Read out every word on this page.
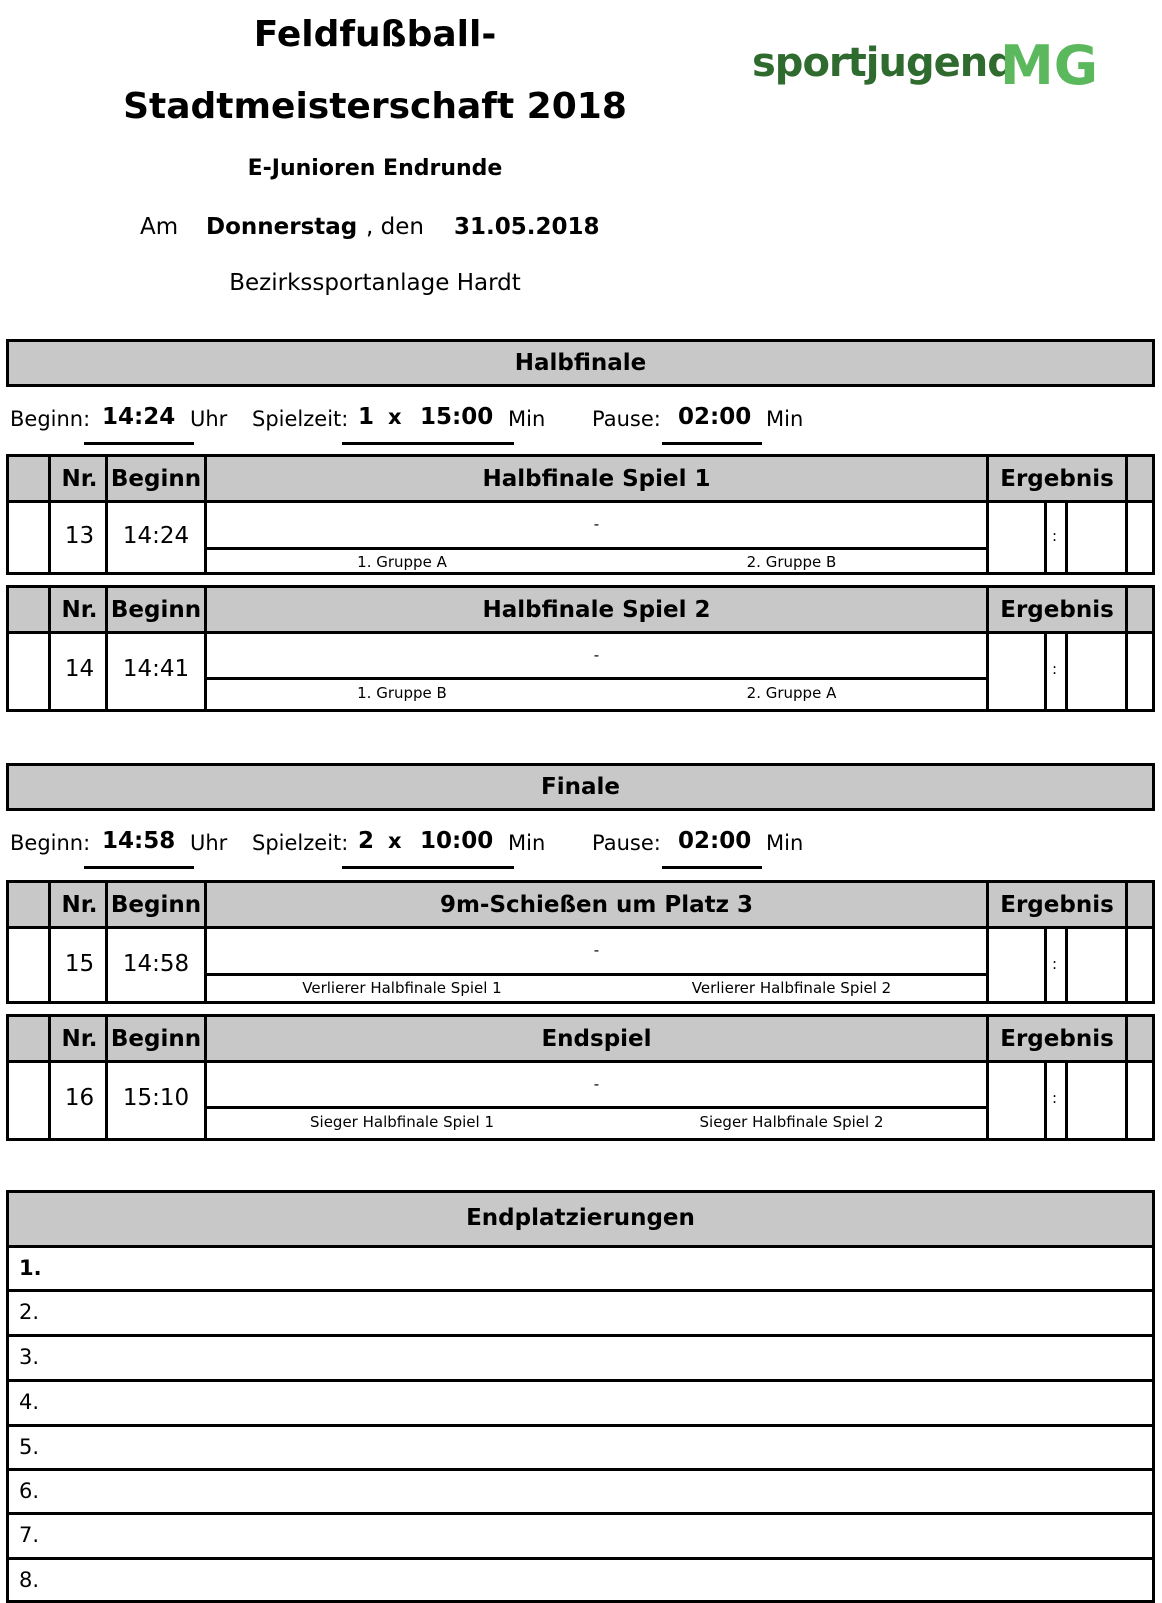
Feldfußball-
Stadtmeisterschaft 2018
E-Junioren Endrunde
Am Donnerstag , den 31.05.2018
Bezirkssportanlage Hardt
sportjugend
MG
Halbfinale
Beginn: 14:24 Uhr Spielzeit: 1 x 15:00 Min Pause: 02:00 Min
Nr. Beginn	Halbfinale Spiel 1	Ergebnis
13	14:24	-
1. Gruppe A	2. Gruppe B
:
Nr. Beginn	Halbfinale Spiel 2	Ergebnis
14	14:41
-
1. Gruppe B	2. Gruppe A
:
Finale
Beginn: 14:58 Uhr Spielzeit: 2 x 10:00 Min Pause: 02:00 Min
Nr. Beginn	9m-Schießen um Platz 3	Ergebnis
15	14:58
-
Verlierer Halbfinale Spiel 1	Verlierer Halbfinale Spiel 2
:
Nr. Beginn	Endspiel	Ergebnis
16	15:10
-
Sieger Halbfinale Spiel 1	Sieger Halbfinale Spiel 2
:
Endplatzierungen
1.
2.
3.
4.
5.
6.
7.
8.
